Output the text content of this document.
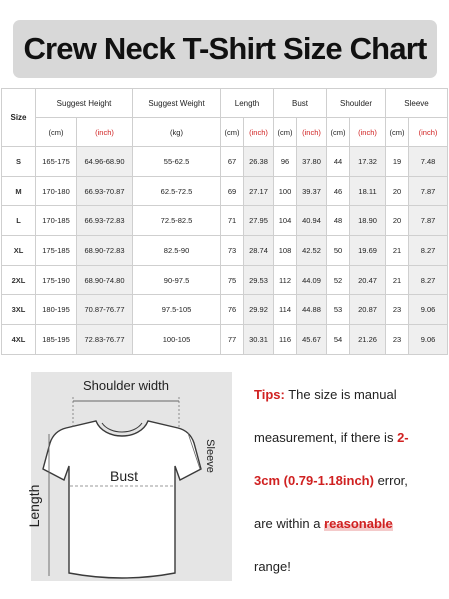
Crew Neck T-Shirt Size Chart
Size	Suggest Height		Suggest Weight	Length		Bust		Shoulder		Sleeve	
	(cm)	(inch)	(kg)	(cm)	(inch)	(cm)	(inch)	(cm)	(inch)	(cm)	(inch)
S	165-175	64.96-68.90	55-62.5	67	26.38	96	37.80	44	17.32	19	7.48
M	170-180	66.93-70.87	62.5-72.5	69	27.17	100	39.37	46	18.11	20	7.87
L	170-185	66.93-72.83	72.5-82.5	71	27.95	104	40.94	48	18.90	20	7.87
XL	175-185	68.90-72.83	82.5-90	73	28.74	108	42.52	50	19.69	21	8.27
2XL	175-190	68.90-74.80	90-97.5	75	29.53	112	44.09	52	20.47	21	8.27
3XL	180-195	70.87-76.77	97.5-105	76	29.92	114	44.88	53	20.87	23	9.06
4XL	185-195	72.83-76.77	100-105	77	30.31	116	45.67	54	21.26	23	9.06
Shoulder width
Bust
Sleeve
Length

Tips: The size is manual

measurement, if there is 2-

3cm (0.79-1.18inch) error,

are within a reasonable

range!
